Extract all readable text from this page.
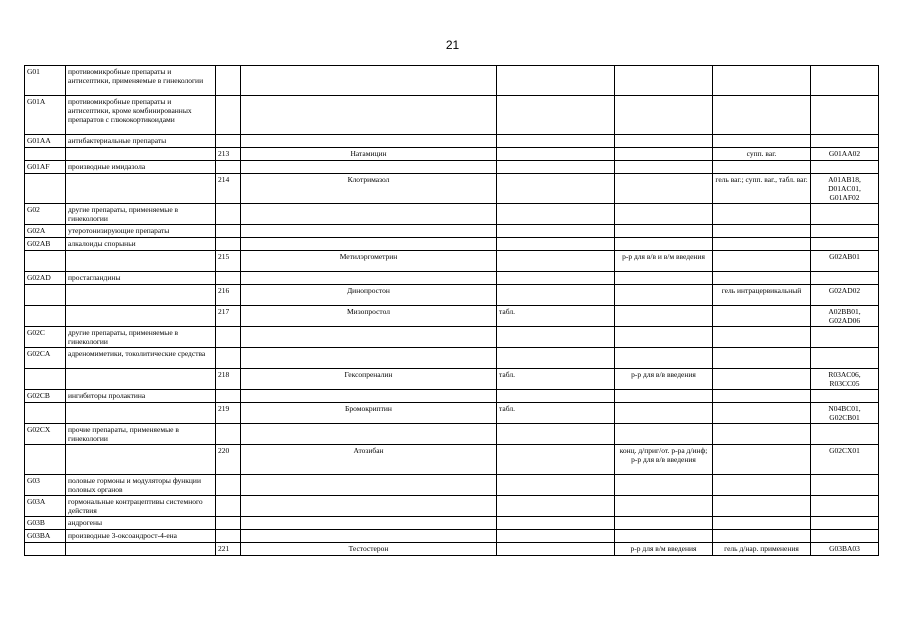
21
G01	противомикробные препараты и антисептики, применяемые в гинекологии						
G01A	противомикробные препараты и антисептики, кроме комбинированных препаратов с глюкокортикоидами						
G01AA	антибактериальные препараты						
		213	Натамицин			супп. ваг.	G01AA02
G01AF	производные имидазола						
		214	Клотримазол			гель ваг.; супп. ваг., табл. ваг.	A01AB18, D01AC01, G01AF02
G02	другие препараты, применяемые в гинекологии						
G02A	утеротонизирующие препараты						
G02AB	алкалоиды спорыньи						
		215	Метилэргометрин		р-р для в/в и в/м введения		G02AB01
G02AD	простагландины						
		216	Динопростон			гель интрацервикальный	G02AD02
		217	Мизопростол	табл.			A02BB01, G02AD06
G02C	другие препараты, применяемые в гинекологии						
G02CA	адреномиметики, токолитические средства						
		218	Гексопреналин	табл.	р-р для в/в введения		R03AC06, R03CC05
G02CB	ингибиторы пролактина						
		219	Бромокриптин	табл.			N04BC01, G02CB01
G02CX	прочие препараты, применяемые в гинекологии						
		220	Атозибан		конц. д/приг/от. р-ра д/инф; р-р для в/в введения		G02CX01
G03	половые гормоны и модуляторы функции половых органов						
G03A	гормональные контрацептивы системного действия						
G03B	андрогены						
G03BA	производные 3-оксоандрост-4-ена						
		221	Тестостерон		р-р для в/м введения	гель д/нар. применения	G03BA03
